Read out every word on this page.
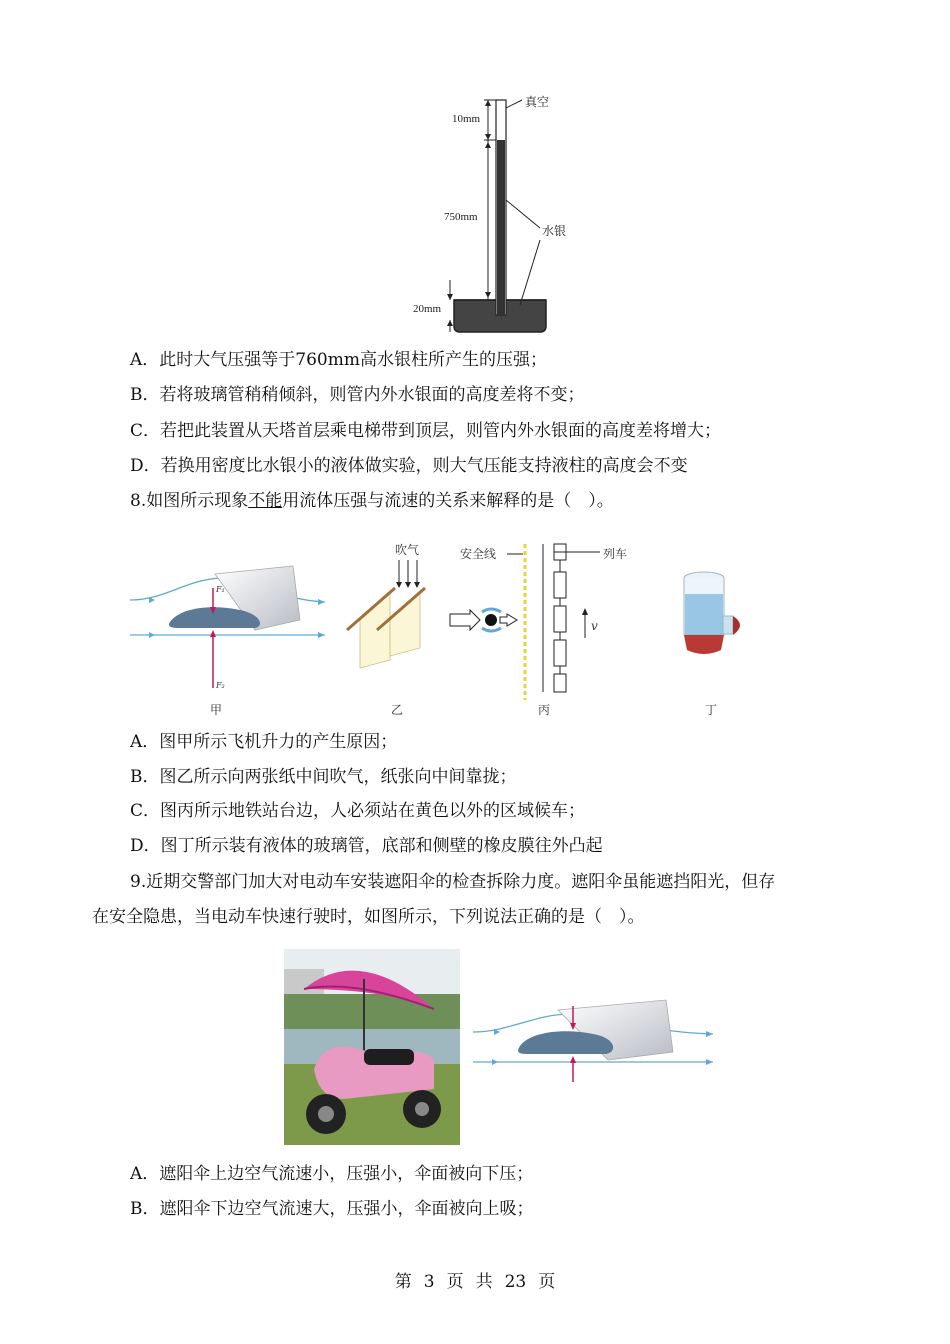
真空
10mm
750mm
水银
20mm
A．此时大气压强等于760mm高水银柱所产生的压强；
B．若将玻璃管稍稍倾斜，则管内外水银面的高度差将不变；
C．若把此装置从天塔首层乘电梯带到顶层，则管内外水银面的高度差将增大；
D．若换用密度比水银小的液体做实验，则大气压能支持液柱的高度会不变
8.如图所示现象不能用流体压强与流速的关系来解释的是（　）。
F₁
F₂
吹气	安全线	列车
v
甲	乙	丙	丁
A．图甲所示飞机升力的产生原因；
B．图乙所示向两张纸中间吹气，纸张向中间靠拢；
C．图丙所示地铁站台边，人必须站在黄色以外的区域候车；
D．图丁所示装有液体的玻璃管，底部和侧壁的橡皮膜往外凸起
9.近期交警部门加大对电动车安装遮阳伞的检查拆除力度。遮阳伞虽能遮挡阳光，但存
在安全隐患，当电动车快速行驶时，如图所示，下列说法正确的是（　）。
A．遮阳伞上边空气流速小，压强小，伞面被向下压；
B．遮阳伞下边空气流速大，压强小，伞面被向上吸；
第 3 页 共 23 页
